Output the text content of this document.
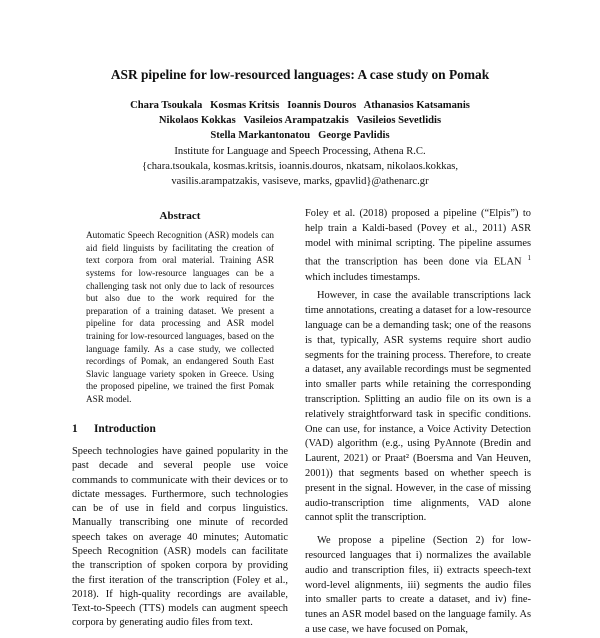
ASR pipeline for low-resourced languages: A case study on Pomak
Chara Tsoukala   Kosmas Kritsis   Ioannis Douros   Athanasios Katsamanis
Nikolaos Kokkas   Vasileios Arampatzakis   Vasileios Sevetlidis
Stella Markantonatou   George Pavlidis
Institute for Language and Speech Processing, Athena R.C.
{chara.tsoukala, kosmas.kritsis, ioannis.douros, nkatsam, nikolaos.kokkas,
vasilis.arampatzakis, vasiseve, marks, gpavlid}@athenarc.gr
Abstract

Automatic Speech Recognition (ASR) models can aid field linguists by facilitating the creation of text corpora from oral material. Training ASR systems for low-resource languages can be a challenging task not only due to lack of resources but also due to the work required for the preparation of a training dataset. We present a pipeline for data processing and ASR model training for low-resourced languages, based on the language family. As a case study, we collected recordings of Pomak, an endangered South East Slavic language variety spoken in Greece. Using the proposed pipeline, we trained the first Pomak ASR model.

1 Introduction

Speech technologies have gained popularity in the past decade and several people use voice commands to communicate with their devices or to dictate messages. Furthermore, such technologies can be of use in field and corpus linguistics. Manually transcribing one minute of recorded speech takes on average 40 minutes; Automatic Speech Recognition (ASR) models can facilitate the transcription of spoken corpora by providing the first iteration of the transcription (Foley et al., 2018). If high-quality recordings are available, Text-to-Speech (TTS) models can augment speech corpora by generating audio files from text.

Foley et al. (2018) proposed a pipeline (“Elpis”) to help train a Kaldi-based (Povey et al., 2011) ASR model with minimal scripting. The pipeline assumes that the transcription has been done via ELAN $^1$ which includes timestamps.

However, in case the available transcriptions lack time annotations, creating a dataset for a low-resource language can be a demanding task; one of the reasons is that, typically, ASR systems require short audio segments for the training process. Therefore, to create a dataset, any available recordings must be segmented into smaller parts while retaining the corresponding transcription. Splitting an audio file on its own is a relatively straightforward task in specific conditions. One can use, for instance, a Voice Activity Detection (VAD) algorithm (e.g., using PyAnnote (Bredin and Laurent, 2021) or Praat² (Boersma and Van Heuven, 2001)) that segments based on whether speech is present in the signal. However, in the case of missing audio-transcription time alignments, VAD alone cannot split the transcription.

We propose a pipeline (Section 2) for low-resourced languages that i) normalizes the available audio and transcription files, ii) extracts speech-text word-level alignments, iii) segments the audio files into smaller parts to create a dataset, and iv) fine-tunes an ASR model based on the language family. As a use case, we have focused on Pomak,
